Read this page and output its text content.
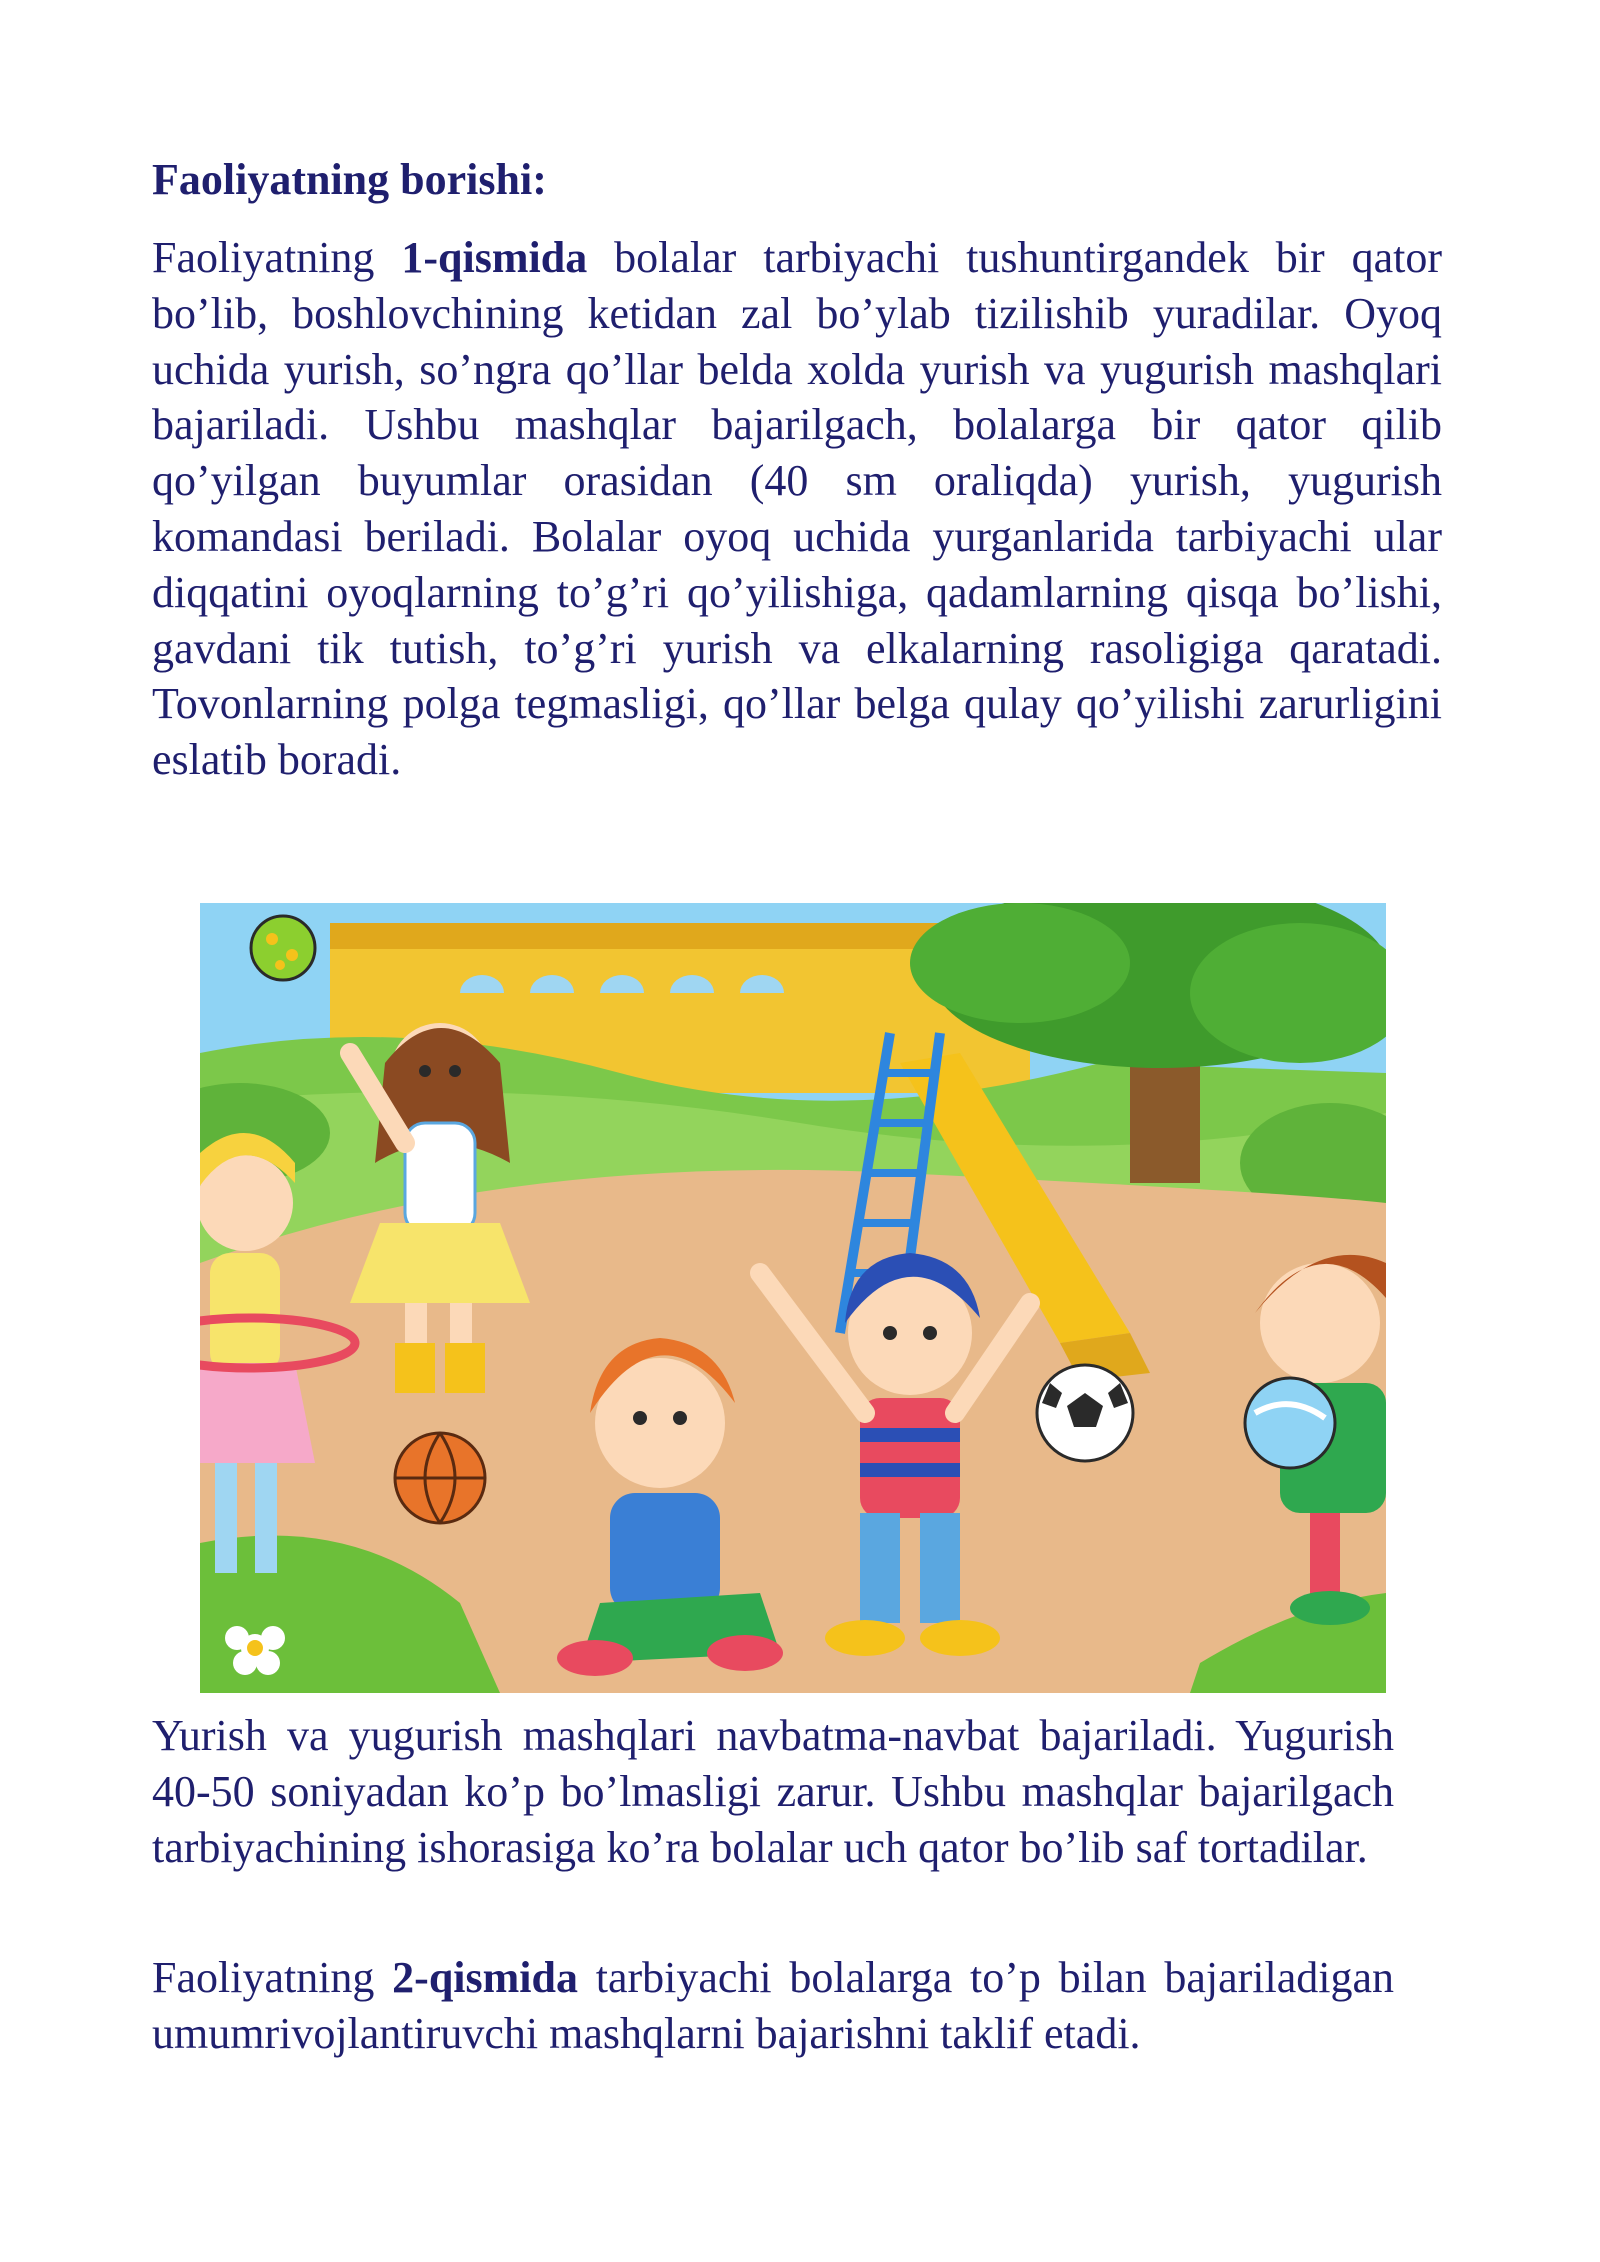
Faoliyatning borishi:

Faoliyatning 1-qismida bolalar tarbiyachi tushuntirgandek bir qator bo’lib, boshlovchining ketidan zal bo’ylab tizilishib yuradilar. Oyoq uchida yurish, so’ngra qo’llar belda xolda yurish va yugurish mashqlari bajariladi. Ushbu mashqlar bajarilgach, bolalarga bir qator qilib qo’yilgan buyumlar orasidan (40 sm oraliqda) yurish, yugurish komandasi beriladi. Bolalar oyoq uchida yurganlarida tarbiyachi ular diqqatini oyoqlarning to’g’ri qo’yilishiga, qadamlarning qisqa bo’lishi, gavdani tik tutish, to’g’ri yurish va elkalarning rasoligiga qaratadi. Tovonlarning polga tegmasligi, qo’llar belga qulay qo’yilishi zarurligini eslatib boradi.

Yurish va yugurish mashqlari navbatma-navbat bajariladi. Yugurish 40-50 soniyadan ko’p bo’lmasligi zarur. Ushbu mashqlar bajarilgach tarbiyachining ishorasiga ko’ra bolalar uch qator bo’lib saf tortadilar.

Faoliyatning 2-qismida tarbiyachi bolalarga to’p bilan bajariladigan umumrivojlantiruvchi mashqlarni bajarishni taklif etadi.
